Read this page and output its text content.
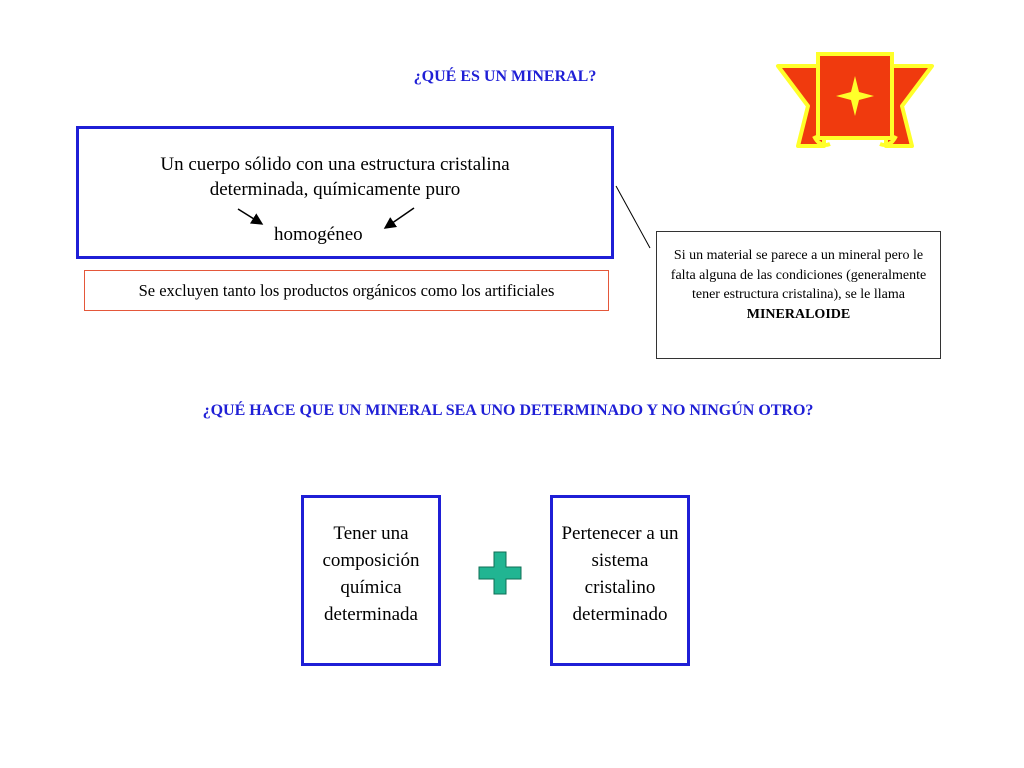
¿QUÉ ES UN MINERAL?
Un cuerpo sólido con una estructura cristalina
determinada, químicamente puro
homogéneo
Se excluyen tanto los productos orgánicos como los artificiales
Si un material se parece a un mineral pero le falta alguna de las condiciones (generalmente tener estructura cristalina), se le llama
MINERALOIDE
¿QUÉ HACE QUE UN MINERAL SEA UNO DETERMINADO Y NO NINGÚN OTRO?
Tener una composición química determinada
Pertenecer a un sistema cristalino determinado
